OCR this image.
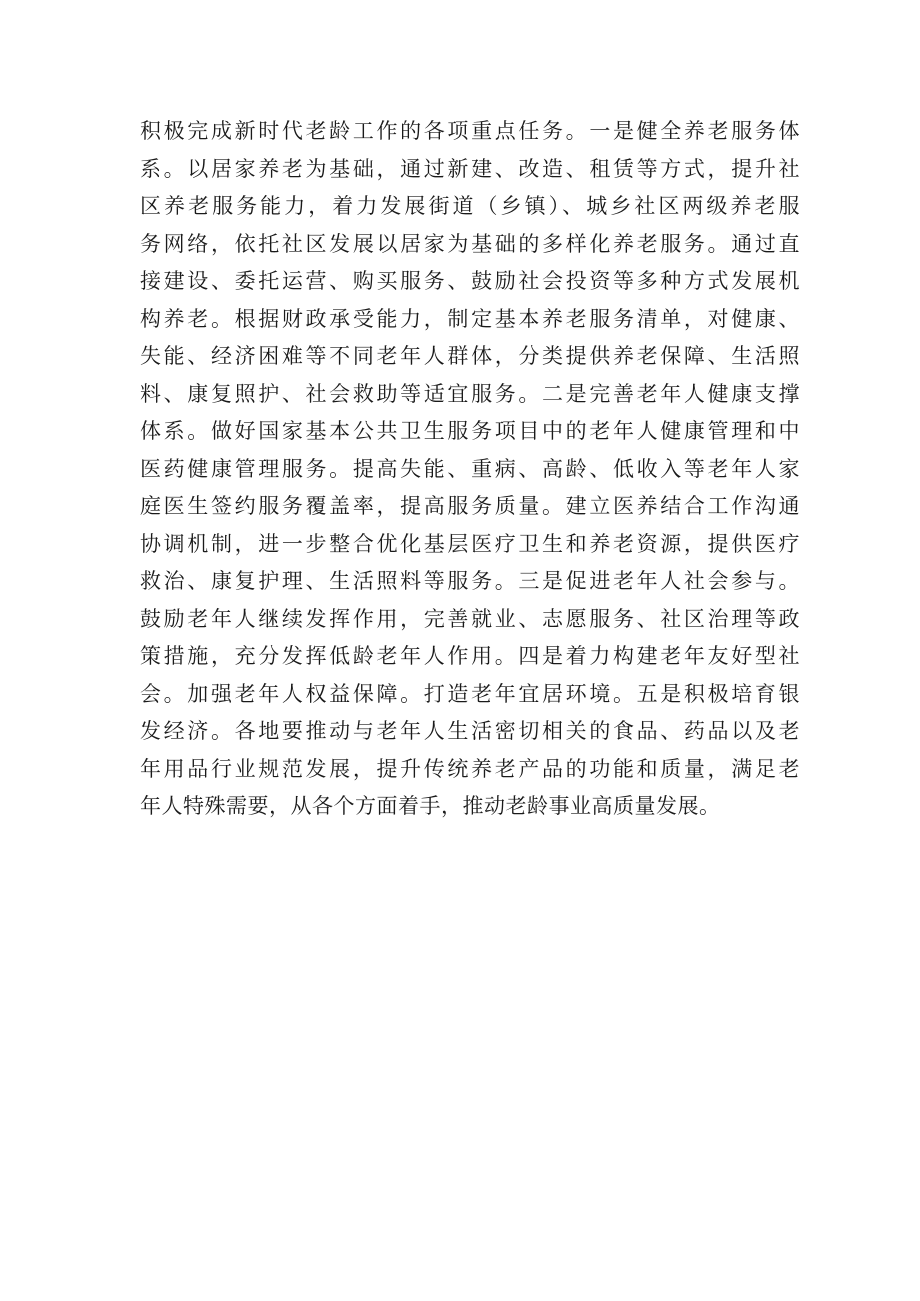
积极完成新时代老龄工作的各项重点任务。一是健全养老服务体
系。以居家养老为基础，通过新建、改造、租赁等方式，提升社
区养老服务能力，着力发展街道（乡镇）、城乡社区两级养老服
务网络，依托社区发展以居家为基础的多样化养老服务。通过直
接建设、委托运营、购买服务、鼓励社会投资等多种方式发展机
构养老。根据财政承受能力，制定基本养老服务清单，对健康、
失能、经济困难等不同老年人群体，分类提供养老保障、生活照
料、康复照护、社会救助等适宜服务。二是完善老年人健康支撑
体系。做好国家基本公共卫生服务项目中的老年人健康管理和中
医药健康管理服务。提高失能、重病、高龄、低收入等老年人家
庭医生签约服务覆盖率，提高服务质量。建立医养结合工作沟通
协调机制，进一步整合优化基层医疗卫生和养老资源，提供医疗
救治、康复护理、生活照料等服务。三是促进老年人社会参与。
鼓励老年人继续发挥作用，完善就业、志愿服务、社区治理等政
策措施，充分发挥低龄老年人作用。四是着力构建老年友好型社
会。加强老年人权益保障。打造老年宜居环境。五是积极培育银
发经济。各地要推动与老年人生活密切相关的食品、药品以及老
年用品行业规范发展，提升传统养老产品的功能和质量，满足老
年人特殊需要，从各个方面着手，推动老龄事业高质量发展。
